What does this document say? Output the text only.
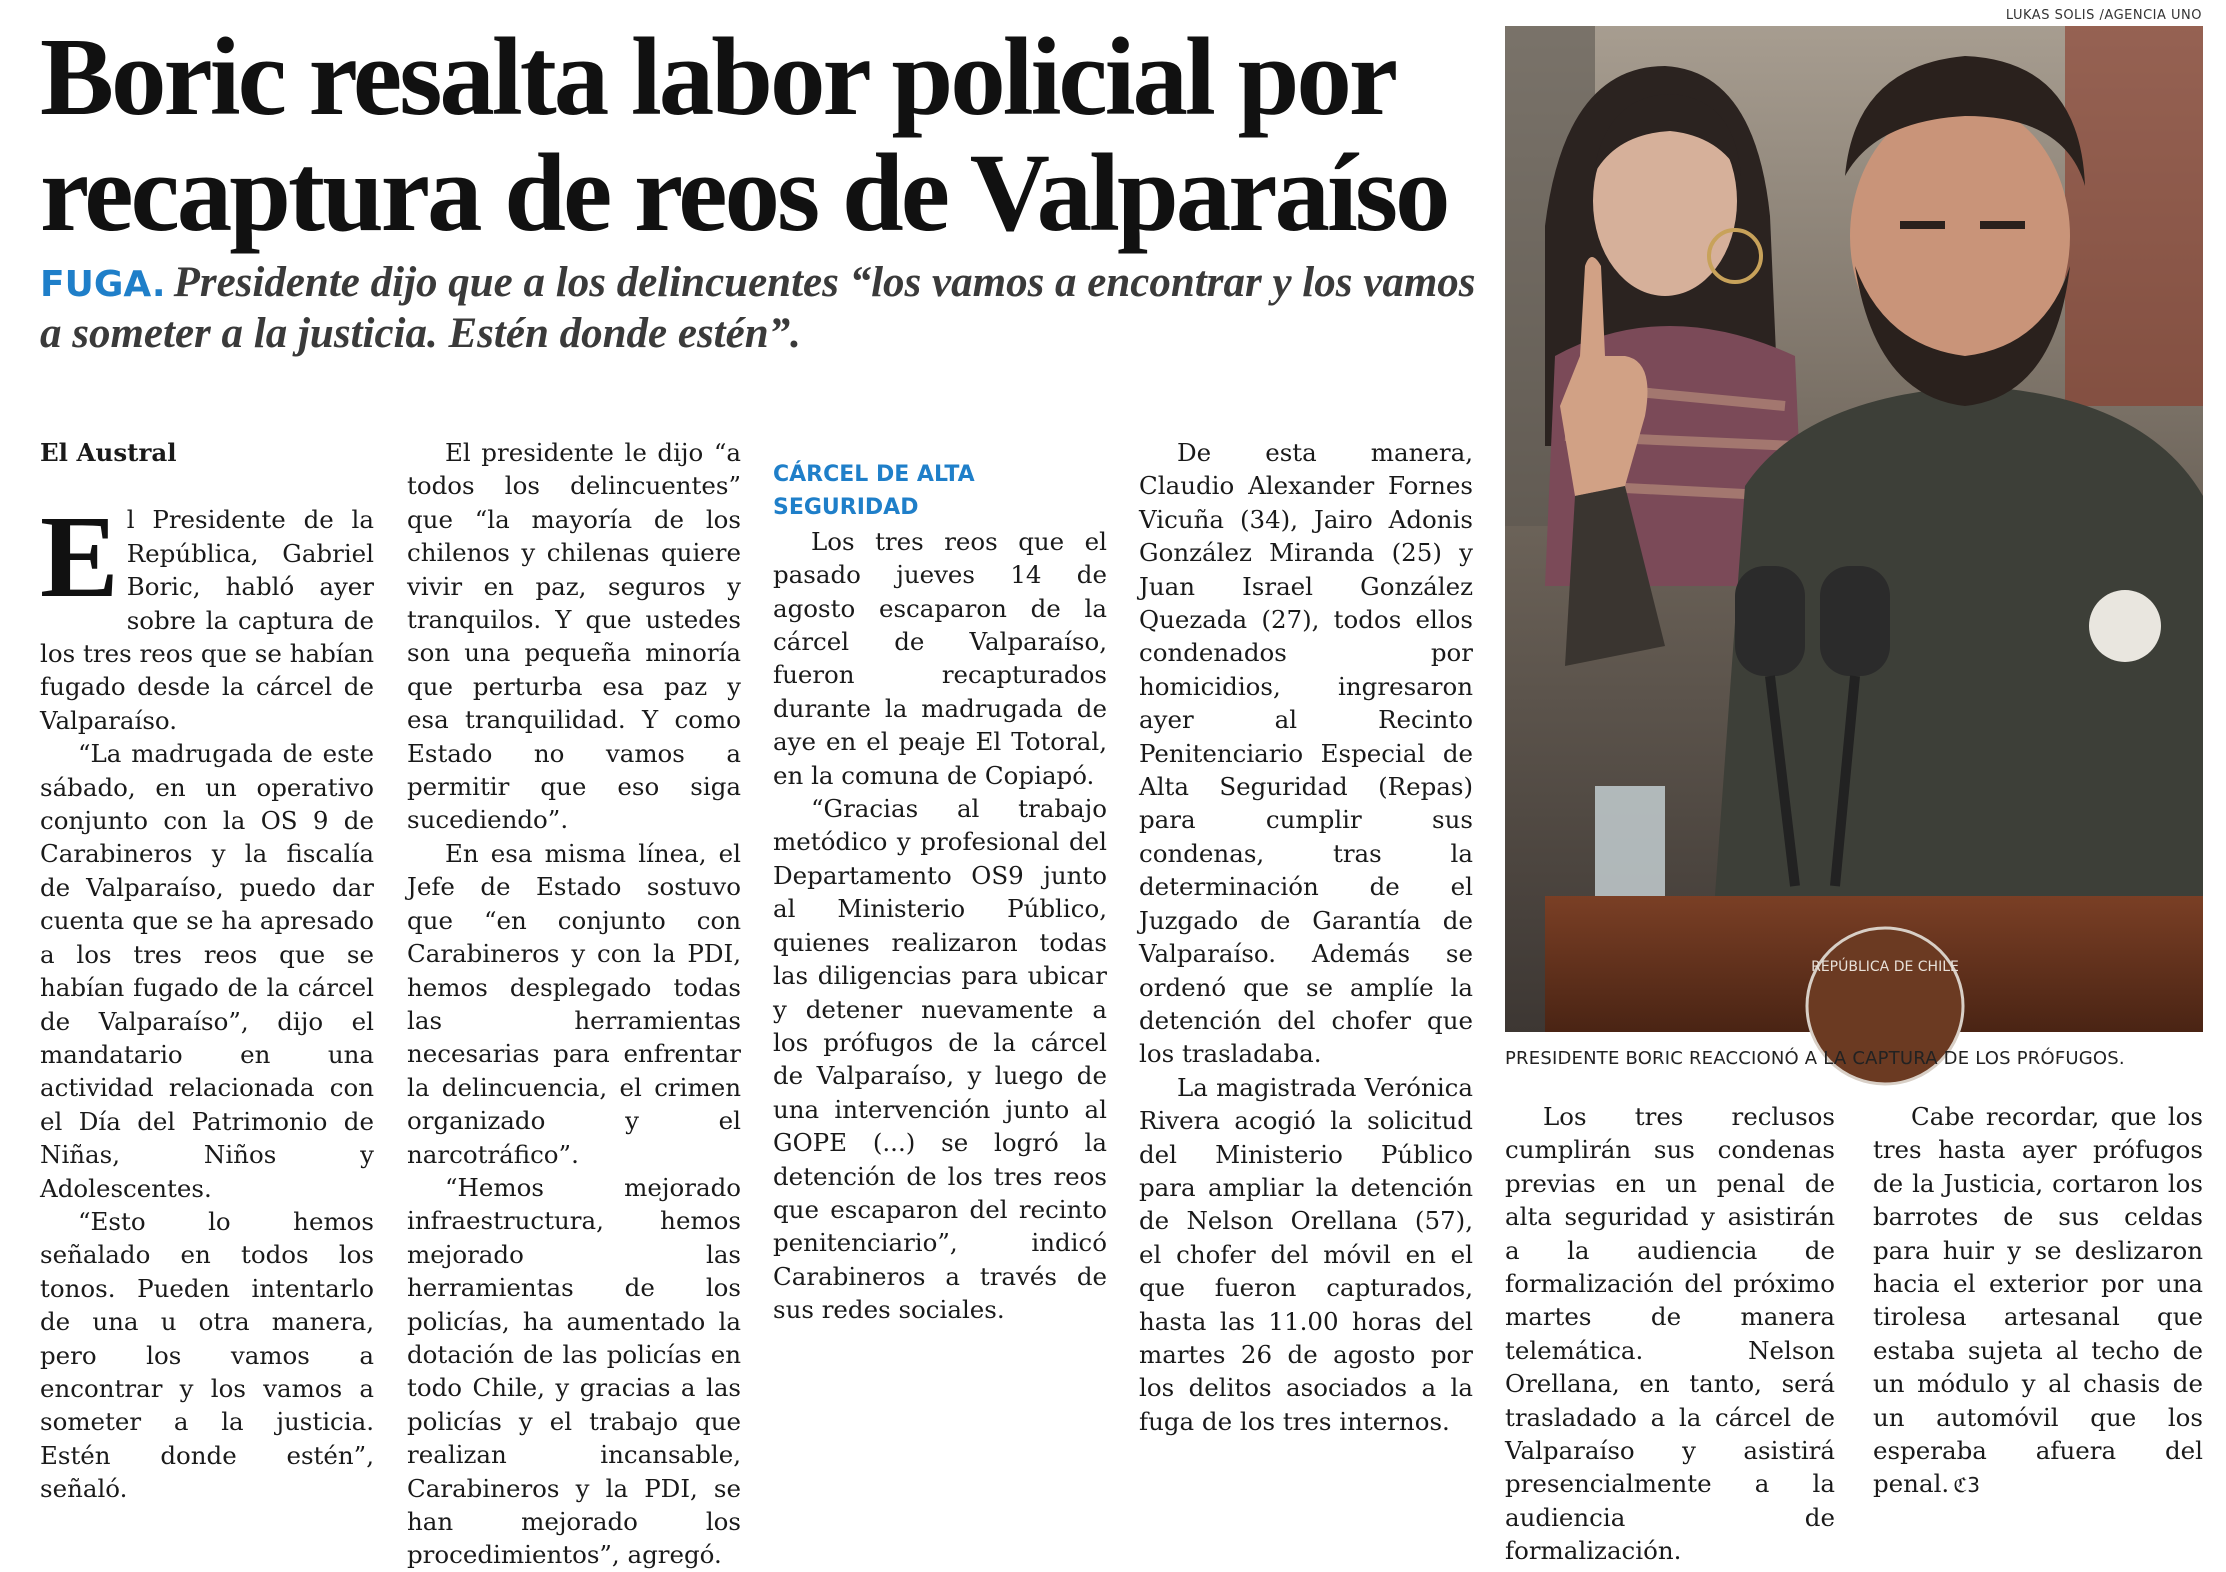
LUKAS SOLIS /AGENCIA UNO
Boric resalta labor policial por recaptura de reos de Valparaíso

FUGA. Presidente dijo que a los delincuentes “los vamos a encontrar y los vamos a someter a la justicia. Estén donde estén”.

El Austral

El Presidente de la República, Gabriel Boric, habló ayer sobre la captura de los tres reos que se habían fugado desde la cárcel de Valparaíso.

“La madrugada de este sábado, en un operativo conjunto con la OS 9 de Carabineros y la fiscalía de Valparaíso, puedo dar cuenta que se ha apresado a los tres reos que se habían fugado de la cárcel de Valparaíso”, dijo el mandatario en una actividad relacionada con el Día del Patrimonio de Niñas, Niños y Adolescentes.

“Esto lo hemos señalado en todos los tonos. Pueden intentarlo de una u otra manera, pero los vamos a encontrar y los vamos a someter a la justicia. Estén donde estén”, señaló.

El presidente le dijo “a todos los delincuentes” que “la mayoría de los chilenos y chilenas quiere vivir en paz, seguros y tranquilos. Y que ustedes son una pequeña minoría que perturba esa paz y esa tranquilidad. Y como Estado no vamos a permitir que eso siga sucediendo”.

En esa misma línea, el Jefe de Estado sostuvo que “en conjunto con Carabineros y con la PDI, hemos desplegado todas las herramientas necesarias para enfrentar la delincuencia, el crimen organizado y el narcotráfico”.

“Hemos mejorado infraestructura, hemos mejorado las herramientas de los policías, ha aumentado la dotación de las policías en todo Chile, y gracias a las policías y el trabajo que realizan incansable, Carabineros y la PDI, se han mejorado los procedimientos”, agregó.

CÁRCEL DE ALTA SEGURIDAD

Los tres reos que el pasado jueves 14 de agosto escaparon de la cárcel de Valparaíso, fueron recapturados durante la madrugada de aye en el peaje El Totoral, en la comuna de Copiapó.

“Gracias al trabajo metódico y profesional del Departamento OS9 junto al Ministerio Público, quienes realizaron todas las diligencias para ubicar y detener nuevamente a los prófugos de la cárcel de Valparaíso, y luego de una intervención junto al GOPE (...) se logró la detención de los tres reos que escaparon del recinto penitenciario”, indicó Carabineros a través de sus redes sociales.

De esta manera, Claudio Alexander Fornes Vicuña (34), Jairo Adonis González Miranda (25) y Juan Israel González Quezada (27), todos ellos condenados por homicidios, ingresaron ayer al Recinto Penitenciario Especial de Alta Seguridad (Repas) para cumplir sus condenas, tras la determinación de el Juzgado de Garantía de Valparaíso. Además se ordenó que se amplíe la detención del chofer que los trasladaba.

La magistrada Verónica Rivera acogió la solicitud del Ministerio Público para ampliar la detención de Nelson Orellana (57), el chofer del móvil en el que fueron capturados, hasta las 11.00 horas del martes 26 de agosto por los delitos asociados a la fuga de los tres internos.

Los tres reclusos cumplirán sus condenas previas en un penal de alta seguridad y asistirán a la audiencia de formalización del próximo martes de manera telemática. Nelson Orellana, en tanto, será trasladado a la cárcel de Valparaíso y asistirá presencialmente a la audiencia de formalización.

Cabe recordar, que los tres hasta ayer prófugos de la Justicia, cortaron los barrotes de sus celdas para huir y se deslizaron hacia el exterior por una tirolesa artesanal que estaba sujeta al techo de un módulo y al chasis de un automóvil que los esperaba afuera del penal. ℭ3

REPÚBLICA DE CHILE
PRESIDENTE BORIC REACCIONÓ A LA CAPTURA DE LOS PRÓFUGOS.
